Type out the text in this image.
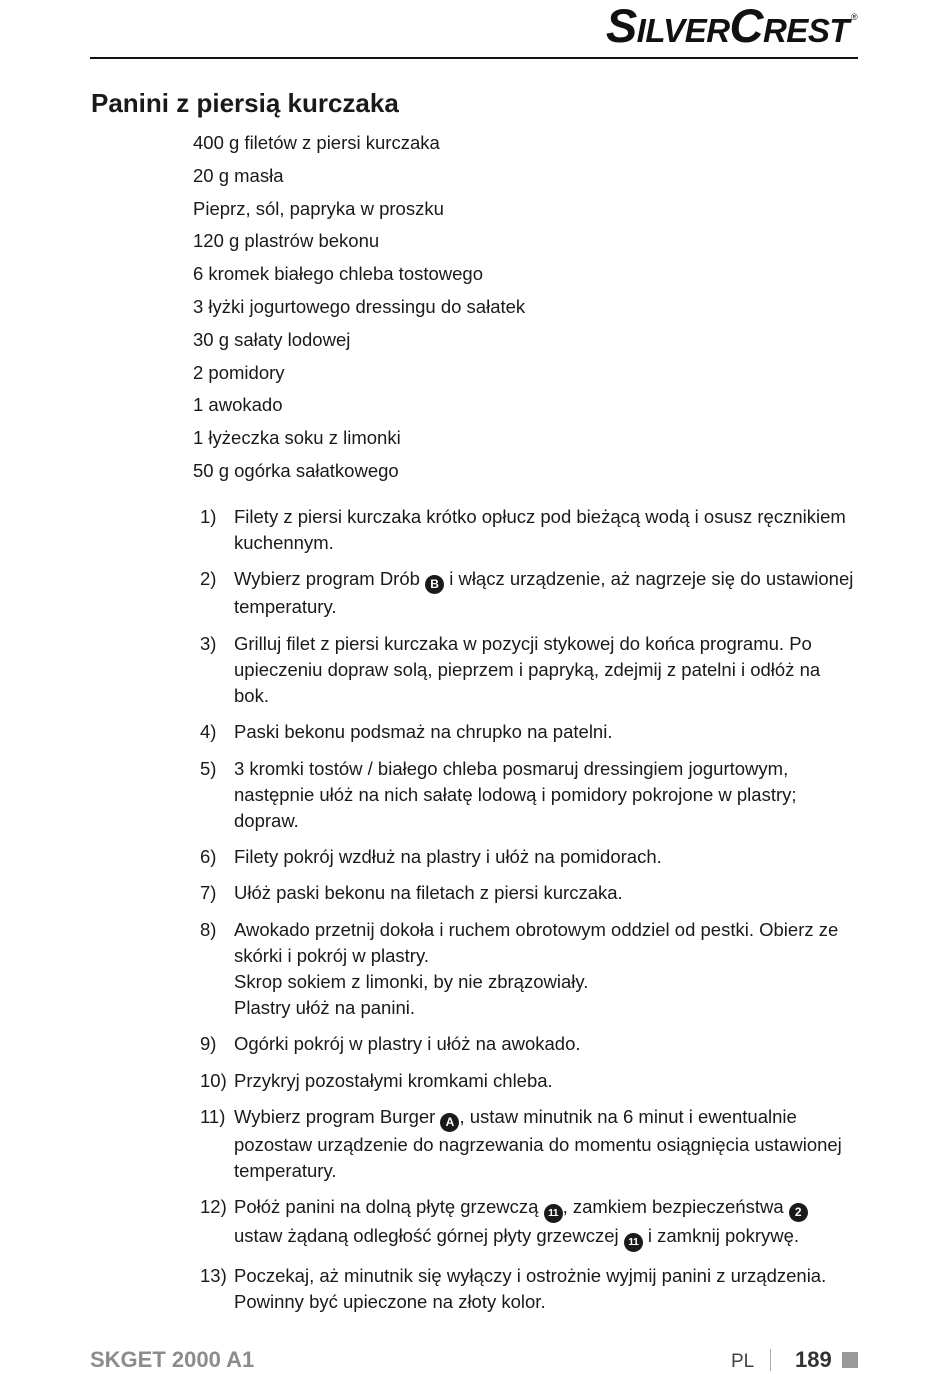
SilverCrest ®
Panini z piersią kurczaka
400 g filetów z piersi kurczaka
20 g masła
Pieprz, sól, papryka w proszku
120 g plastrów bekonu
6 kromek białego chleba tostowego
3 łyżki jogurtowego dressingu do sałatek
30 g sałaty lodowej
2 pomidory
1 awokado
1 łyżeczka soku z limonki
50 g ogórka sałatkowego
1) Filety z piersi kurczaka krótko opłucz pod bieżącą wodą i osusz ręcznikiem
kuchennym.
2) Wybierz program Drób B i włącz urządzenie, aż nagrzeje się do ustawionej
temperatury.
3) Grilluj filet z piersi kurczaka w pozycji stykowej do końca programu. Po
upieczeniu dopraw solą, pieprzem i papryką, zdejmij z patelni i odłóż na
bok.
4) Paski bekonu podsmaż na chrupko na patelni.
5) 3 kromki tostów / białego chleba posmaruj dressingiem jogurtowym,
następnie ułóż na nich sałatę lodową i pomidory pokrojone w plastry;
dopraw.
6) Filety pokrój wzdłuż na plastry i ułóż na pomidorach.
7) Ułóż paski bekonu na filetach z piersi kurczaka.
8) Awokado przetnij dokoła i ruchem obrotowym oddziel od pestki. Obierz ze
skórki i pokrój w plastry.
Skrop sokiem z limonki, by nie zbrązowiały.
Plastry ułóż na panini.
9) Ogórki pokrój w plastry i ułóż na awokado.
10) Przykryj pozostałymi kromkami chleba.
11) Wybierz program Burger A , ustaw minutnik na 6 minut i ewentualnie
pozostaw urządzenie do nagrzewania do momentu osiągnięcia ustawionej
temperatury.
12) Połóż panini na dolną płytę grzewczą 11 , zamkiem bezpieczeństwa 2
ustaw żądaną odległość górnej płyty grzewczej 11 i zamknij pokrywę.
13) Poczekaj, aż minutnik się wyłączy i ostrożnie wyjmij panini z urządzenia.
Powinny być upieczone na złoty kolor.
SKGET 2000 A1	PL 189
